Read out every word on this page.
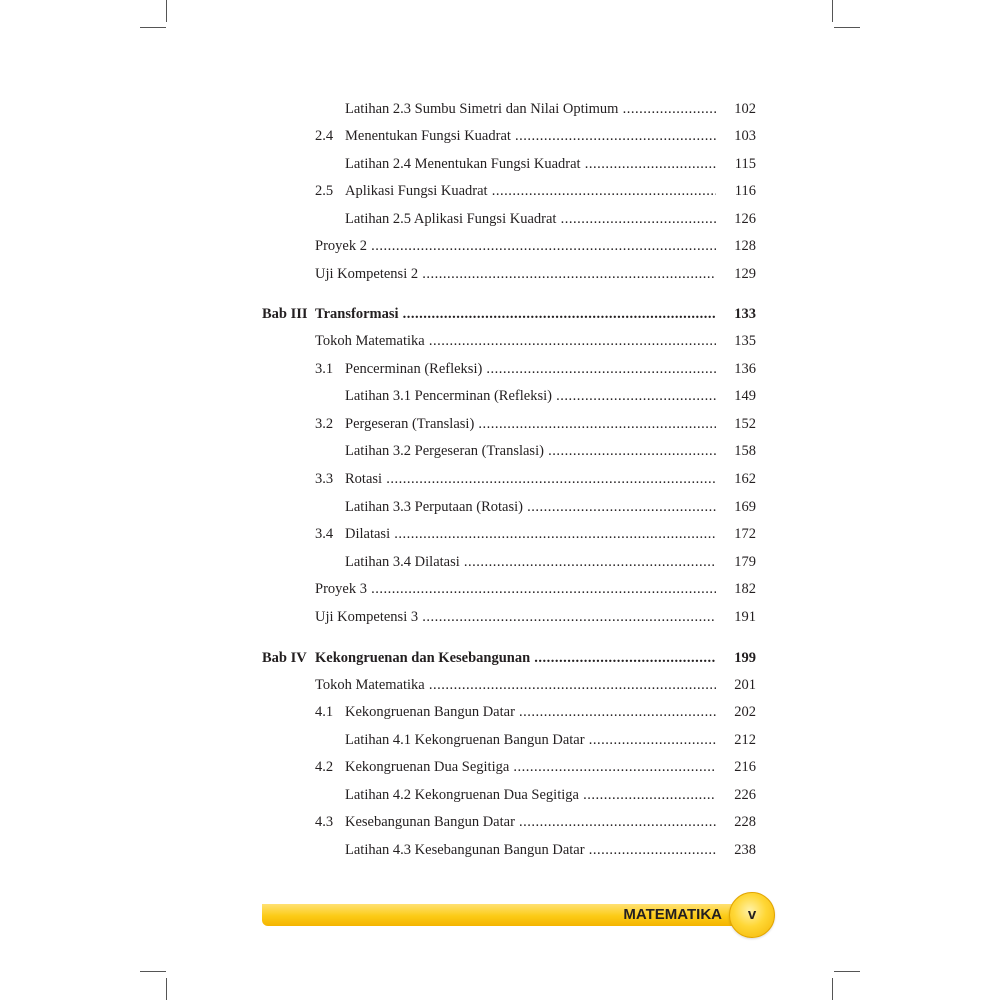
Latihan 2.3 Sumbu Simetri dan Nilai Optimum .....	102
2.4 Menentukan Fungsi Kuadrat .....	103
Latihan 2.4 Menentukan Fungsi Kuadrat .....	115
2.5 Aplikasi Fungsi Kuadrat .....	116
Latihan 2.5 Aplikasi Fungsi Kuadrat .....	126
Proyek 2 .....	128
Uji Kompetensi 2 .....	129
Bab III Transformasi .....	133
Tokoh Matematika .....	135
3.1 Pencerminan (Refleksi) .....	136
Latihan 3.1 Pencerminan (Refleksi) .....	149
3.2 Pergeseran (Translasi) .....	152
Latihan 3.2 Pergeseran (Translasi) .....	158
3.3 Rotasi .....	162
Latihan 3.3 Perputaan (Rotasi) .....	169
3.4 Dilatasi .....	172
Latihan 3.4 Dilatasi .....	179
Proyek 3 .....	182
Uji Kompetensi 3 .....	191
Bab IV Kekongruenan dan Kesebangunan .....	199
Tokoh Matematika .....	201
4.1 Kekongruenan Bangun Datar .....	202
Latihan 4.1 Kekongruenan Bangun Datar .....	212
4.2 Kekongruenan Dua Segitiga .....	216
Latihan 4.2 Kekongruenan Dua Segitiga .....	226
4.3 Kesebangunan Bangun Datar .....	228
Latihan 4.3 Kesebangunan Bangun Datar .....	238
MATEMATIKA	v
